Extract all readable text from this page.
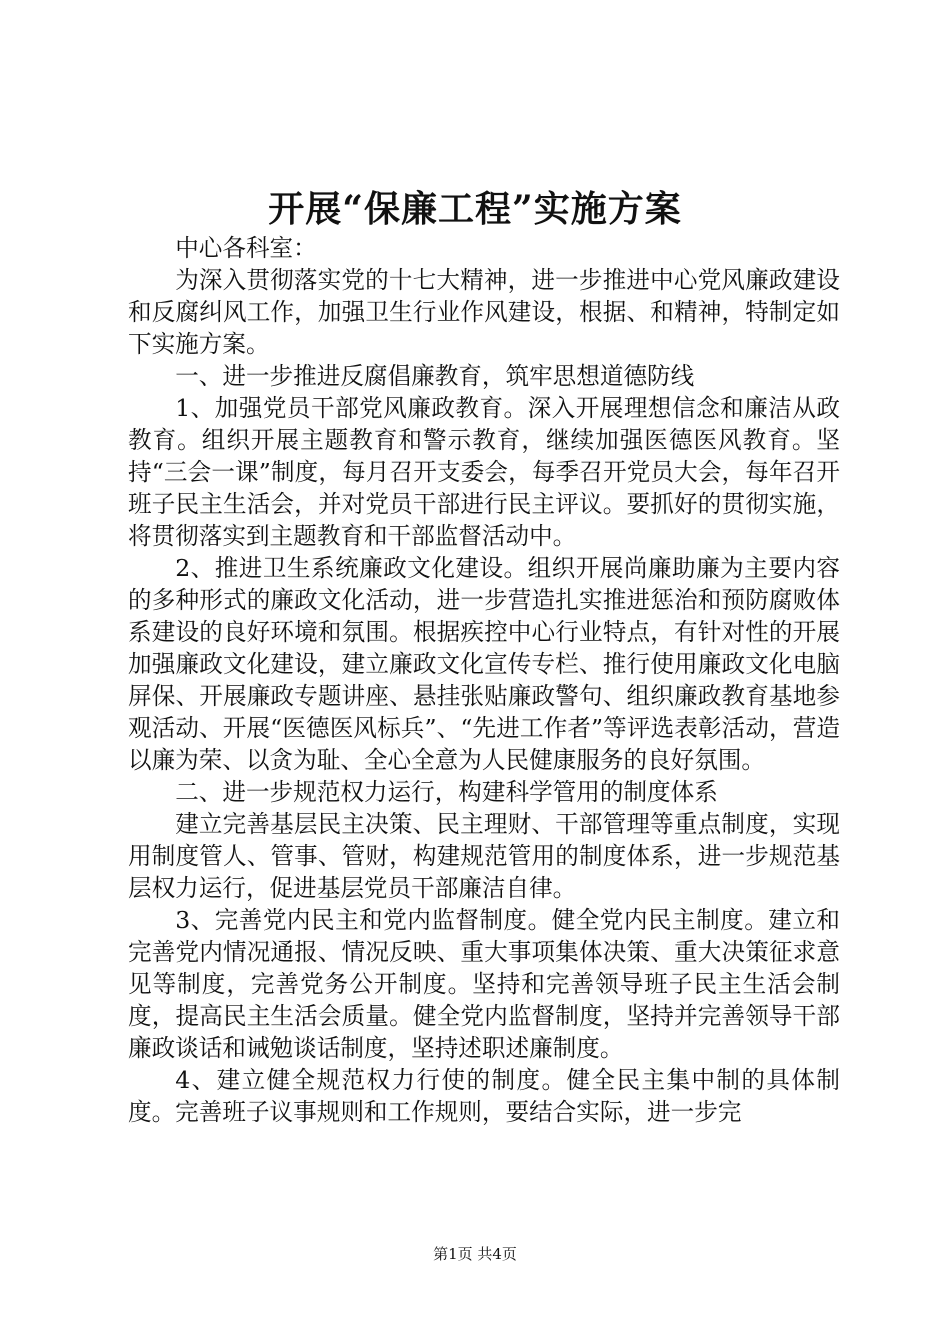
开展“保廉工程”实施方案

中心各科室：

为深入贯彻落实党的十七大精神，进一步推进中心党风廉政建设和反腐纠风工作，加强卫生行业作风建设，根据、和精神，特制定如下实施方案。

一、进一步推进反腐倡廉教育，筑牢思想道德防线

1、加强党员干部党风廉政教育。深入开展理想信念和廉洁从政教育。组织开展主题教育和警示教育，继续加强医德医风教育。坚持“三会一课”制度，每月召开支委会，每季召开党员大会，每年召开班子民主生活会，并对党员干部进行民主评议。要抓好的贯彻实施，将贯彻落实到主题教育和干部监督活动中。

2、推进卫生系统廉政文化建设。组织开展尚廉助廉为主要内容的多种形式的廉政文化活动，进一步营造扎实推进惩治和预防腐败体系建设的良好环境和氛围。根据疾控中心行业特点，有针对性的开展加强廉政文化建设，建立廉政文化宣传专栏、推行使用廉政文化电脑屏保、开展廉政专题讲座、悬挂张贴廉政警句、组织廉政教育基地参观活动、开展“医德医风标兵”、“先进工作者”等评选表彰活动，营造以廉为荣、以贪为耻、全心全意为人民健康服务的良好氛围。

二、进一步规范权力运行，构建科学管用的制度体系

建立完善基层民主决策、民主理财、干部管理等重点制度，实现用制度管人、管事、管财，构建规范管用的制度体系，进一步规范基层权力运行，促进基层党员干部廉洁自律。

3、完善党内民主和党内监督制度。健全党内民主制度。建立和完善党内情况通报、情况反映、重大事项集体决策、重大决策征求意见等制度，完善党务公开制度。坚持和完善领导班子民主生活会制度，提高民主生活会质量。健全党内监督制度，坚持并完善领导干部廉政谈话和诫勉谈话制度，坚持述职述廉制度。

4、建立健全规范权力行使的制度。健全民主集中制的具体制度。完善班子议事规则和工作规则，要结合实际，进一步完

第1页 共4页
